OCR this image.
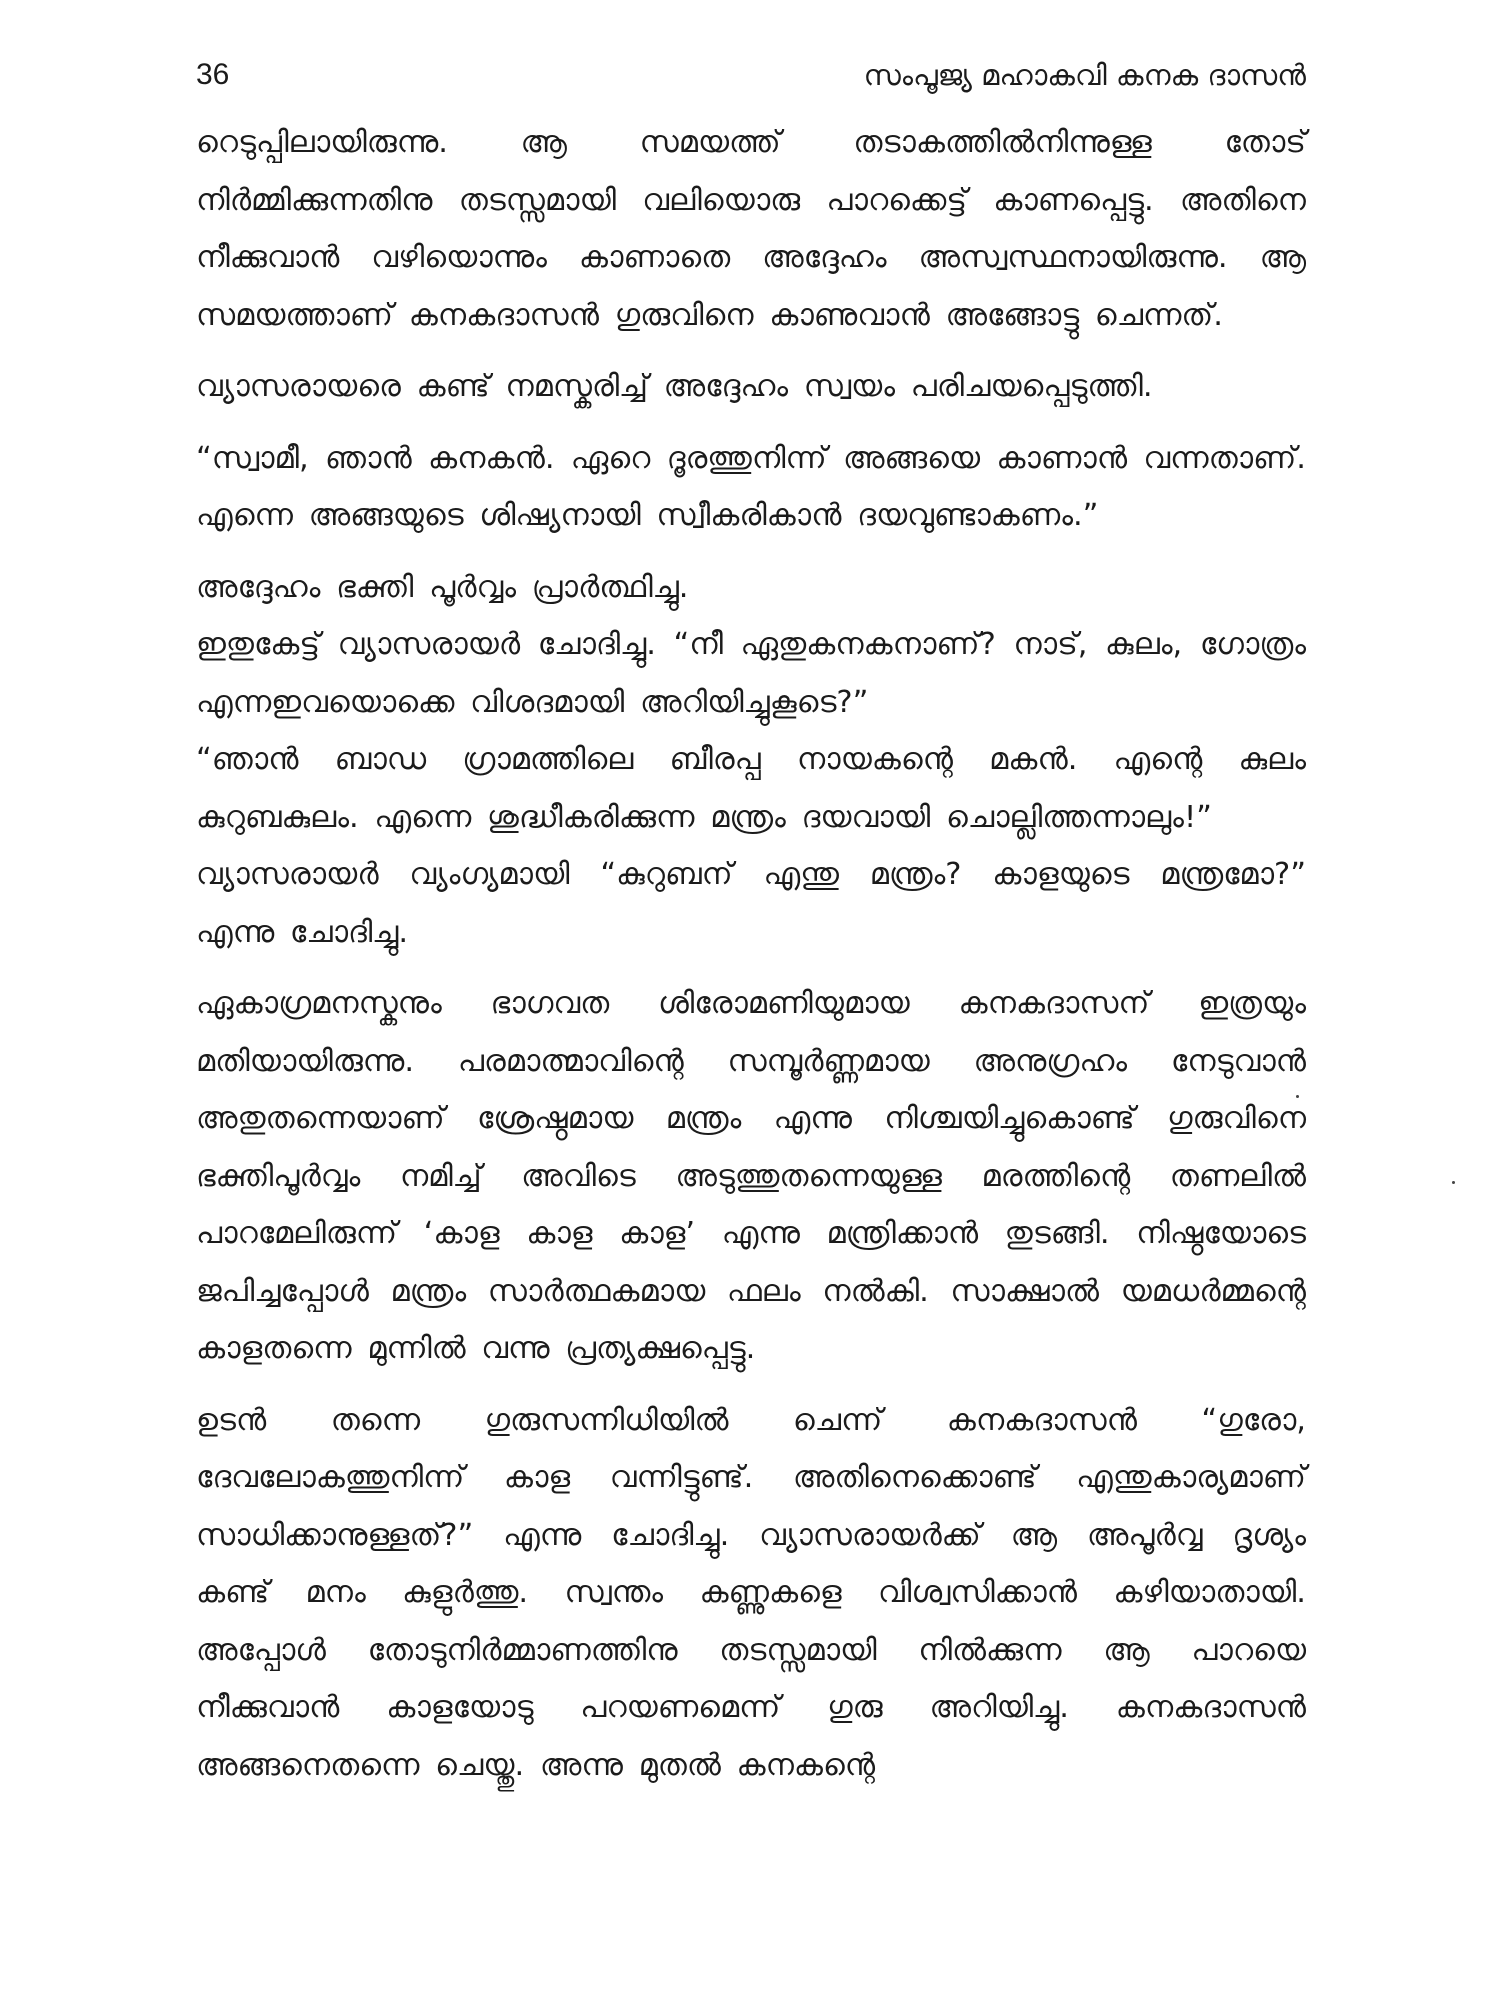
36	സംപൂജ്യ മഹാകവി കനക ദാസൻ

റെടുപ്പിലായിരുന്നു. ആ സമയത്ത് തടാകത്തിൽനിന്നുള്ള തോട് നിർമ്മിക്കുന്നതിനു തടസ്സമായി വലിയൊരു പാറക്കെട്ട് കാണപ്പെട്ടു. അതിനെ നീക്കുവാൻ വഴിയൊന്നും കാണാതെ അദ്ദേഹം അസ്വസ്ഥനായിരുന്നു. ആ സമയത്താണ് കനകദാസൻ ഗുരുവിനെ കാണുവാൻ അങ്ങോട്ടു ചെന്നത്.

വ്യാസരായരെ കണ്ട് നമസ്കരിച്ച് അദ്ദേഹം സ്വയം പരിചയപ്പെടുത്തി.

“സ്വാമീ, ഞാൻ കനകൻ. ഏറെ ദൂരത്തുനിന്ന് അങ്ങയെ കാണാൻ വന്നതാണ്. എന്നെ അങ്ങയുടെ ശിഷ്യനായി സ്വീകരികാൻ ദയവുണ്ടാകണം.”

അദ്ദേഹം ഭക്തി പൂർവ്വം പ്രാർത്ഥിച്ചു.

ഇതുകേട്ട് വ്യാസരായർ ചോദിച്ചു. “നീ ഏതുകനകനാണ്? നാട്, കുലം, ഗോത്രം എന്നഇവയൊക്കെ വിശദമായി അറിയിച്ചുകൂടെ?”

“ഞാൻ ബാഡ ഗ്രാമത്തിലെ ബീരപ്പ നായകന്റെ മകൻ. എന്റെ കുലം കുറുബകുലം. എന്നെ ശുദ്ധീകരിക്കുന്ന മന്ത്രം ദയവായി ചൊല്ലിത്തന്നാലും!”

വ്യാസരായർ വ്യംഗ്യമായി “കുറുബന് എന്തു മന്ത്രം? കാളയുടെ മന്ത്രമോ?” എന്നു ചോദിച്ചു.

ഏകാഗ്രമനസ്കനും ഭാഗവത ശിരോമണിയുമായ കനകദാസന് ഇത്രയും മതിയായിരുന്നു. പരമാത്മാവിന്റെ സമ്പൂർണ്ണമായ അനുഗ്രഹം നേടുവാൻ അതുതന്നെയാണ് ശ്രേഷ്ഠമായ മന്ത്രം എന്നു നിശ്ചയിച്ചുകൊണ്ട് ഗുരുവിനെ ഭക്തിപൂർവ്വം നമിച്ച് അവിടെ അടുത്തുതന്നെയുള്ള മരത്തിന്റെ തണലിൽ പാറമേലിരുന്ന് ‘കാള കാള കാള’ എന്നു മന്ത്രിക്കാൻ തുടങ്ങി. നിഷ്ഠയോടെ ജപിച്ചപ്പോൾ മന്ത്രം സാർത്ഥകമായ ഫലം നൽകി. സാക്ഷാൽ യമധർമ്മന്റെ കാളതന്നെ മുന്നിൽ വന്നു പ്രത്യക്ഷപ്പെട്ടു.

ഉടൻ തന്നെ ഗുരുസന്നിധിയിൽ ചെന്ന് കനകദാസൻ “ഗുരോ, ദേവലോകത്തുനിന്ന് കാള വന്നിട്ടുണ്ട്. അതിനെക്കൊണ്ട് എന്തുകാര്യമാണ് സാധിക്കാനുള്ളത്?” എന്നു ചോദിച്ചു. വ്യാസരായർക്ക് ആ അപൂർവ്വ ദൃശ്യം കണ്ട് മനം കുളുർത്തു. സ്വന്തം കണ്ണുകളെ വിശ്വസിക്കാൻ കഴിയാതായി. അപ്പോൾ തോടുനിർമ്മാണത്തിനു തടസ്സമായി നിൽക്കുന്ന ആ പാറയെ നീക്കുവാൻ കാളയോടു പറയണമെന്ന് ഗുരു അറിയിച്ചു. കനകദാസൻ അങ്ങനെതന്നെ ചെയ്തു. അന്നു മുതൽ കനകന്റെ
